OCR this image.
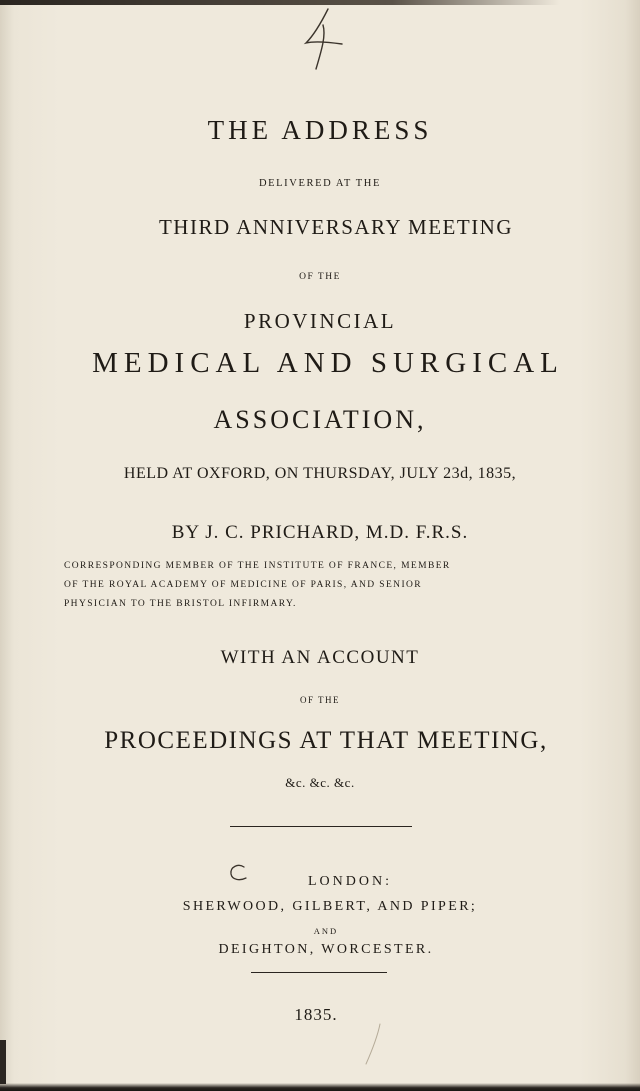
THE ADDRESS
DELIVERED AT THE
THIRD ANNIVERSARY MEETING
OF THE
PROVINCIAL
MEDICAL AND SURGICAL
ASSOCIATION,
HELD AT OXFORD, ON THURSDAY, JULY 23d, 1835,
BY J. C. PRICHARD, M.D. F.R.S.
CORRESPONDING MEMBER OF THE INSTITUTE OF FRANCE, MEMBER
OF THE ROYAL ACADEMY OF MEDICINE OF PARIS, AND SENIOR
PHYSICIAN TO THE BRISTOL INFIRMARY.
WITH AN ACCOUNT
OF THE
PROCEEDINGS AT THAT MEETING,
&c. &c. &c.
LONDON:
SHERWOOD, GILBERT, AND PIPER;
AND
DEIGHTON, WORCESTER.
1835.
